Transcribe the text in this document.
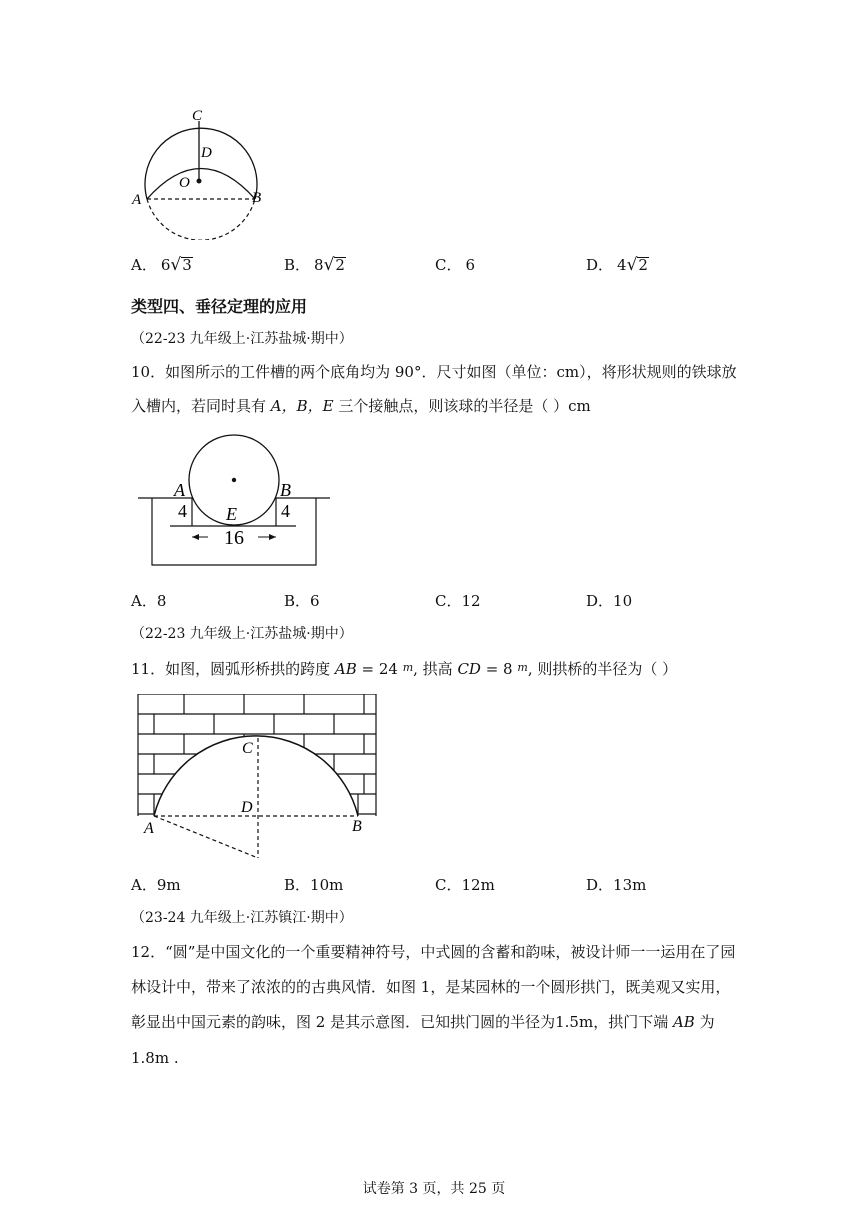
C
D
O
A	B
A． 6√3	B． 8√2	C． 6	D． 4√2
类型四、垂径定理的应用
（22-23 九年级上·江苏盐城·期中）
10．如图所示的工件槽的两个底角均为 90°．尺寸如图（单位：cm），将形状规则的铁球放
入槽内，若同时具有 A，B，E 三个接触点，则该球的半径是（ ）cm
A	B
E
4	4
16
A．8	B．6	C．12	D．10
（22-23 九年级上·江苏盐城·期中）
11．如图，圆弧形桥拱的跨度 AB = 24 $^m$, 拱高 CD = 8 $^m$, 则拱桥的半径为（ ）
C
D
A	B
A．9m	B．10m	C．12m	D．13m
（23-24 九年级上·江苏镇江·期中）
12．“圆”是中国文化的一个重要精神符号，中式圆的含蓄和韵味，被设计师一一运用在了园
林设计中，带来了浓浓的的古典风情．如图 1，是某园林的一个圆形拱门，既美观又实用，
彰显出中国元素的韵味，图 2 是其示意图．已知拱门圆的半径为1.5m，拱门下端 AB 为
1.8m .
试卷第 3 页，共 25 页
